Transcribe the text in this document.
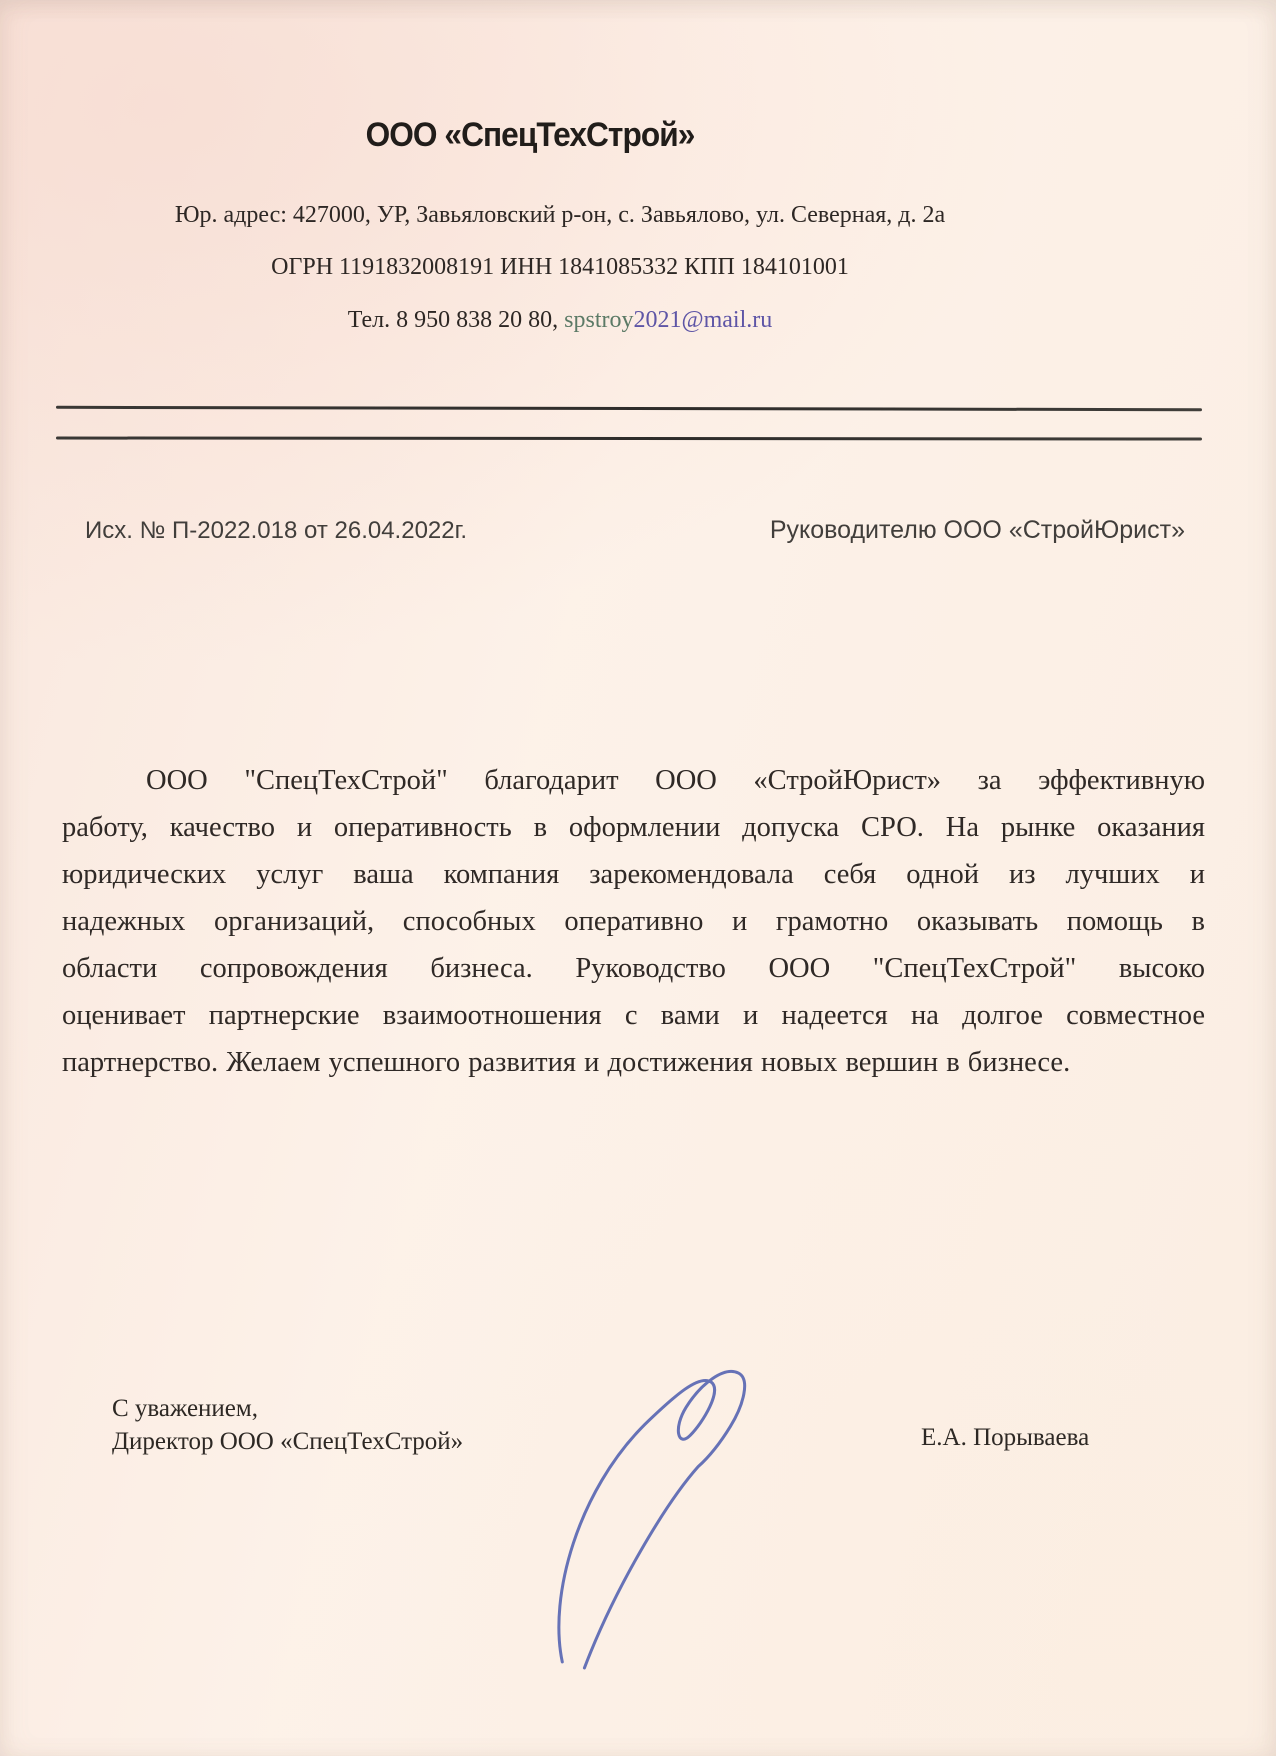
ООО «СпецТехСтрой»
Юр. адрес: 427000, УР, Завьяловский р-он, с. Завьялово, ул. Северная, д. 2а
ОГРН 1191832008191 ИНН 1841085332 КПП 184101001
Тел. 8 950 838 20 80, spstroy2021@mail.ru
Исх. № П-2022.018 от 26.04.2022г.	Руководителю ООО «СтройЮрист»

ООО "СпецТехСтрой" благодарит ООО «СтройЮрист» за эффективную

работу, качество и оперативность в оформлении допуска СРО. На рынке оказания

юридических услуг ваша компания зарекомендовала себя одной из лучших и

надежных организаций, способных оперативно и грамотно оказывать помощь в

области сопровождения бизнеса. Руководство ООО "СпецТехСтрой" высоко

оценивает партнерские взаимоотношения с вами и надеется на долгое совместное

партнерство. Желаем успешного развития и достижения новых вершин в бизнесе.

С уважением,
Директор ООО «СпецТехСтрой»	Е.А. Порываева
